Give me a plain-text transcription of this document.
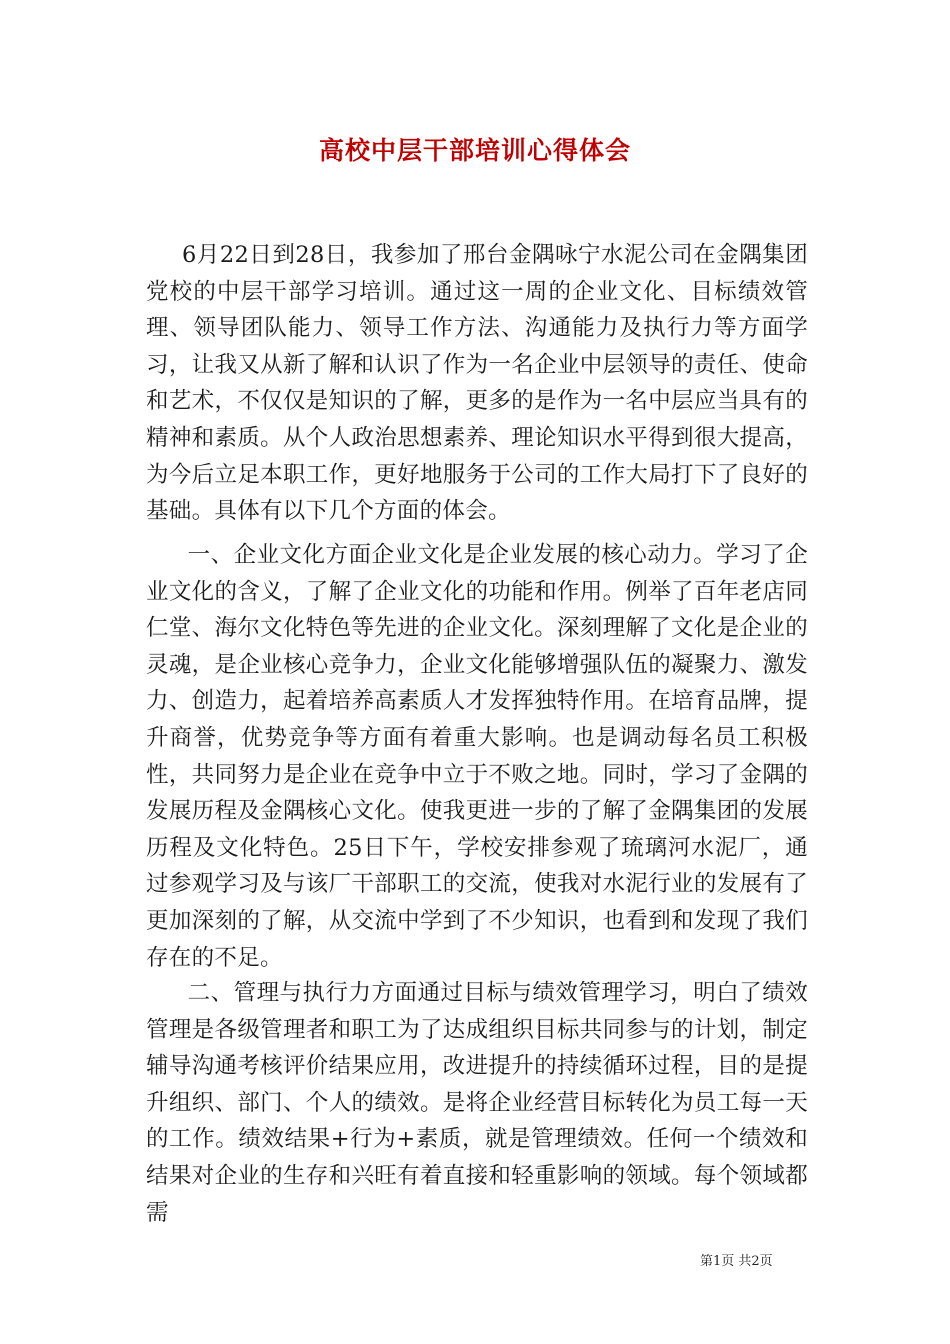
高校中层干部培训心得体会

6月22日到28日，我参加了邢台金隅咏宁水泥公司在金隅集团党校的中层干部学习培训。通过这一周的企业文化、目标绩效管理、领导团队能力、领导工作方法、沟通能力及执行力等方面学习，让我又从新了解和认识了作为一名企业中层领导的责任、使命和艺术，不仅仅是知识的了解，更多的是作为一名中层应当具有的精神和素质。从个人政治思想素养、理论知识水平得到很大提高，为今后立足本职工作，更好地服务于公司的工作大局打下了良好的基础。具体有以下几个方面的体会。

一、企业文化方面企业文化是企业发展的核心动力。学习了企业文化的含义，了解了企业文化的功能和作用。例举了百年老店同仁堂、海尔文化特色等先进的企业文化。深刻理解了文化是企业的灵魂，是企业核心竞争力，企业文化能够增强队伍的凝聚力、激发力、创造力，起着培养高素质人才发挥独特作用。在培育品牌，提升商誉，优势竞争等方面有着重大影响。也是调动每名员工积极性，共同努力是企业在竞争中立于不败之地。同时，学习了金隅的发展历程及金隅核心文化。使我更进一步的了解了金隅集团的发展历程及文化特色。25日下午，学校安排参观了琉璃河水泥厂，通过参观学习及与该厂干部职工的交流，使我对水泥行业的发展有了更加深刻的了解，从交流中学到了不少知识，也看到和发现了我们存在的不足。

二、管理与执行力方面通过目标与绩效管理学习，明白了绩效管理是各级管理者和职工为了达成组织目标共同参与的计划，制定辅导沟通考核评价结果应用，改进提升的持续循环过程，目的是提升组织、部门、个人的绩效。是将企业经营目标转化为员工每一天的工作。绩效结果+行为+素质，就是管理绩效。任何一个绩效和结果对企业的生存和兴旺有着直接和轻重影响的领域。每个领域都需

第1页 共2页
